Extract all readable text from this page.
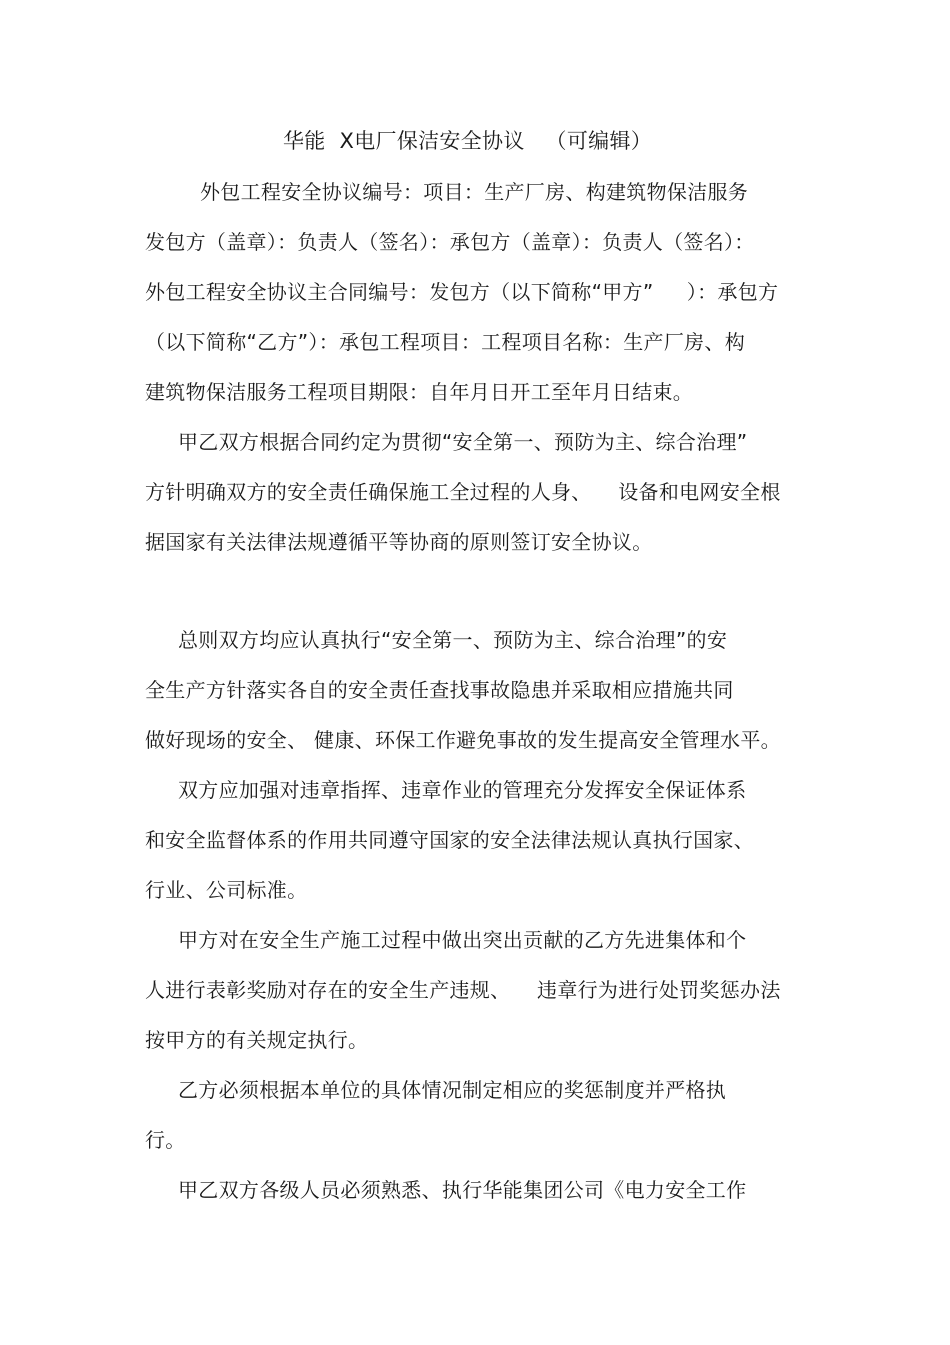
华能  X电厂保洁安全协议   （可编辑）
外包工程安全协议编号：项目：生产厂房、构建筑物保洁服务
发包方（盖章）：负责人（签名）：承包方（盖章）：负责人（签名）：
外包工程安全协议主合同编号：发包方（以下简称“甲方”     ）：承包方
（以下简称“乙方”）：承包工程项目：工程项目名称：生产厂房、构
建筑物保洁服务工程项目期限：自年月日开工至年月日结束。
甲乙双方根据合同约定为贯彻“安全第一、预防为主、综合治理”
方针明确双方的安全责任确保施工全过程的人身、    设备和电网安全根
据国家有关法律法规遵循平等协商的原则签订安全协议。
总则双方均应认真执行“安全第一、预防为主、综合治理”的安
全生产方针落实各自的安全责任查找事故隐患并采取相应措施共同
做好现场的安全、 健康、环保工作避免事故的发生提高安全管理水平。
双方应加强对违章指挥、违章作业的管理充分发挥安全保证体系
和安全监督体系的作用共同遵守国家的安全法律法规认真执行国家、
行业、公司标准。
甲方对在安全生产施工过程中做出突出贡献的乙方先进集体和个
人进行表彰奖励对存在的安全生产违规、    违章行为进行处罚奖惩办法
按甲方的有关规定执行。
乙方必须根据本单位的具体情况制定相应的奖惩制度并严格执
行。
甲乙双方各级人员必须熟悉、执行华能集团公司《电力安全工作
